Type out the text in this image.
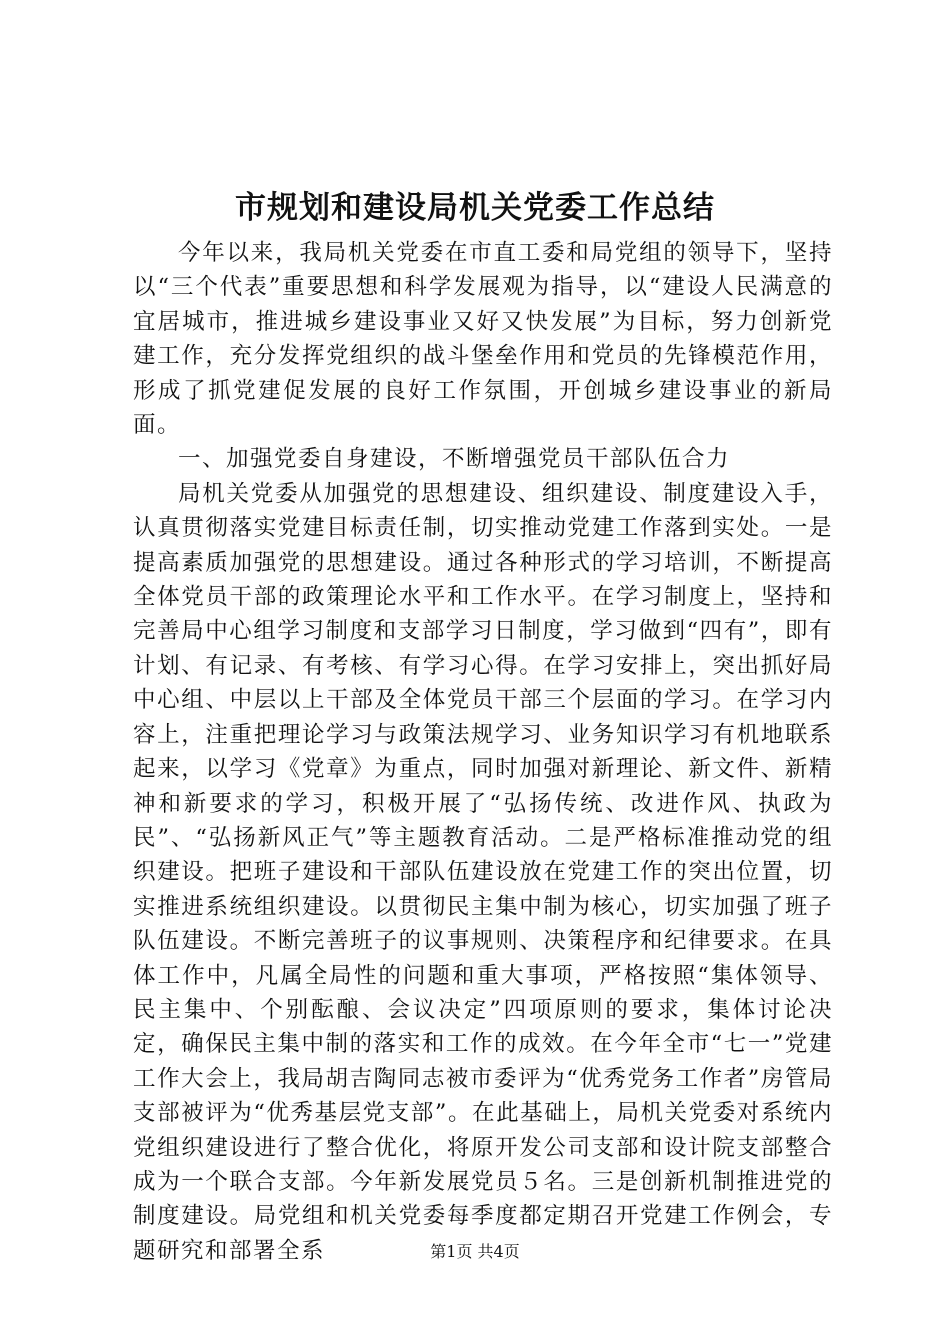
市规划和建设局机关党委工作总结

今年以来，我局机关党委在市直工委和局党组的领导下，坚持以“三个代表”重要思想和科学发展观为指导，以“建设人民满意的宜居城市，推进城乡建设事业又好又快发展”为目标，努力创新党建工作，充分发挥党组织的战斗堡垒作用和党员的先锋模范作用，形成了抓党建促发展的良好工作氛围，开创城乡建设事业的新局面。

一、加强党委自身建设，不断增强党员干部队伍合力

局机关党委从加强党的思想建设、组织建设、制度建设入手，认真贯彻落实党建目标责任制，切实推动党建工作落到实处。一是提高素质加强党的思想建设。通过各种形式的学习培训，不断提高全体党员干部的政策理论水平和工作水平。在学习制度上，坚持和完善局中心组学习制度和支部学习日制度，学习做到“四有”，即有计划、有记录、有考核、有学习心得。在学习安排上，突出抓好局中心组、中层以上干部及全体党员干部三个层面的学习。在学习内容上，注重把理论学习与政策法规学习、业务知识学习有机地联系起来，以学习《党章》为重点，同时加强对新理论、新文件、新精神和新要求的学习，积极开展了“弘扬传统、改进作风、执政为民”、“弘扬新风正气”等主题教育活动。二是严格标准推动党的组织建设。把班子建设和干部队伍建设放在党建工作的突出位置，切实推进系统组织建设。以贯彻民主集中制为核心，切实加强了班子队伍建设。不断完善班子的议事规则、决策程序和纪律要求。在具体工作中，凡属全局性的问题和重大事项，严格按照“集体领导、民主集中、个别酝酿、会议决定”四项原则的要求，集体讨论决定，确保民主集中制的落实和工作的成效。在今年全市“七一”党建工作大会上，我局胡吉陶同志被市委评为“优秀党务工作者”房管局支部被评为“优秀基层党支部”。在此基础上，局机关党委对系统内党组织建设进行了整合优化，将原开发公司支部和设计院支部整合成为一个联合支部。今年新发展党员５名。三是创新机制推进党的制度建设。局党组和机关党委每季度都定期召开党建工作例会，专题研究和部署全系	第1页 共4页
